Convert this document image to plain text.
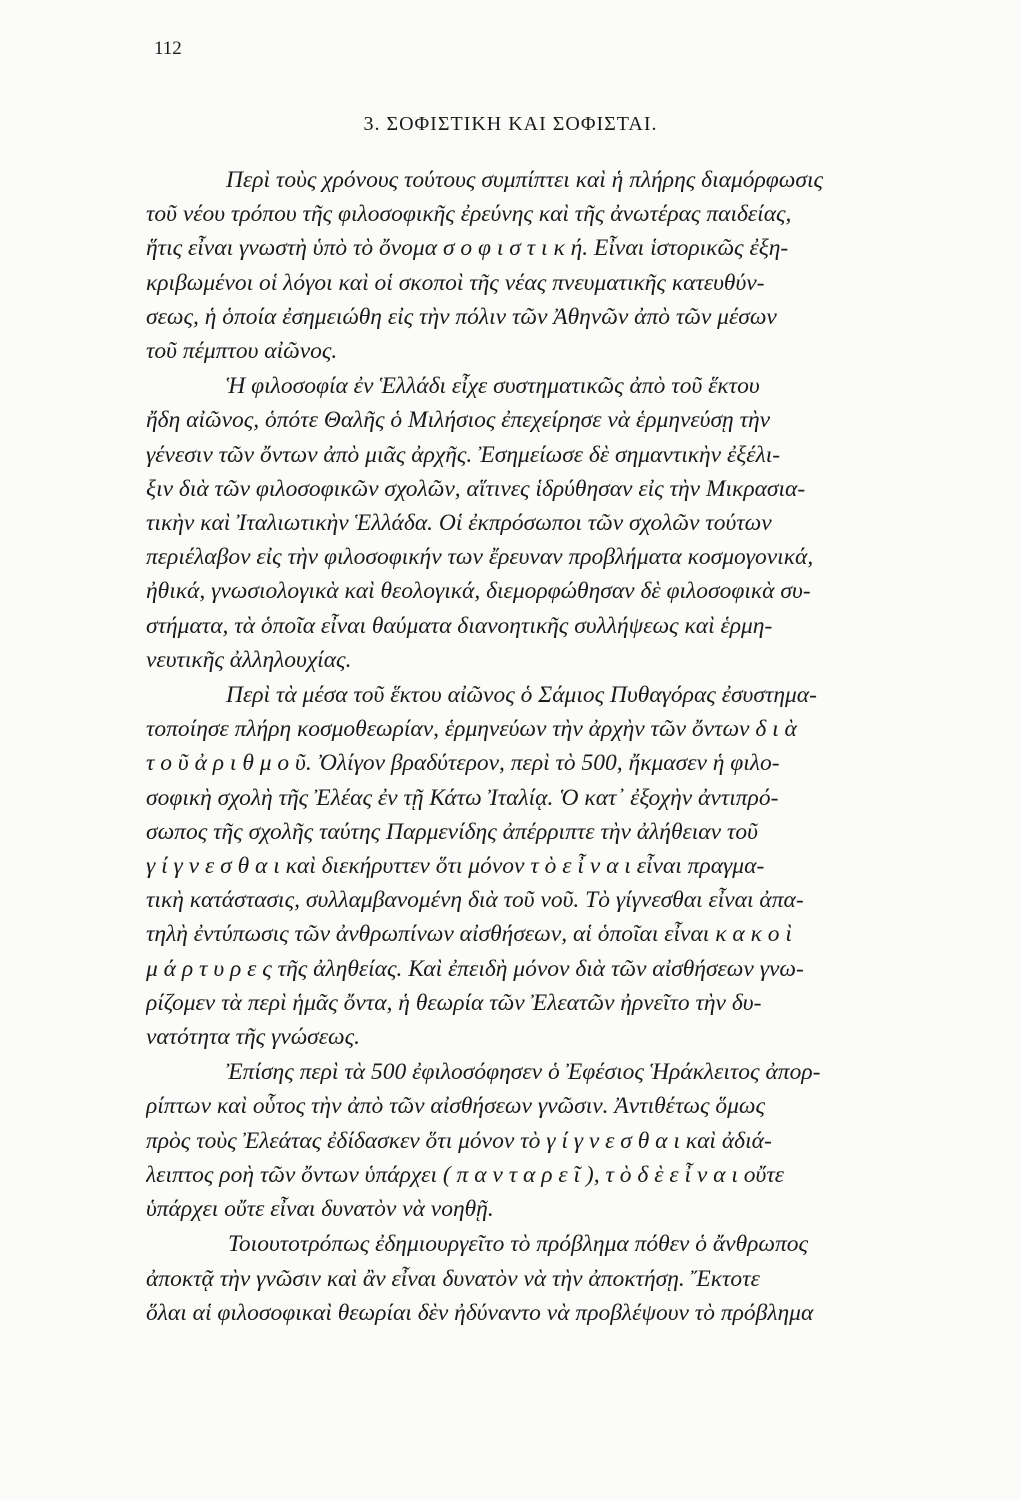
112
3. ΣΟΦΙΣΤΙΚΗ ΚΑΙ ΣΟΦΙΣΤΑΙ.

Περὶ τοὺς χρόνους τούτους συμπίπτει καὶ ἡ πλήρης διαμόρφωσις
τοῦ νέου τρόπου τῆς φιλοσοφικῆς ἐρεύνης καὶ τῆς ἀνωτέρας παιδείας,
ἥτις εἶναι γνωστὴ ὑπὸ τὸ ὄνομα σ ο φ ι σ τ ι κ ή. Εἶναι ἱστορικῶς ἐξη-
κριβωμένοι οἱ λόγοι καὶ οἱ σκοποὶ τῆς νέας πνευματικῆς κατευθύν-
σεως, ἡ ὁποία ἐσημειώθη εἰς τὴν πόλιν τῶν Ἀθηνῶν ἀπὸ τῶν μέσων
τοῦ πέμπτου αἰῶνος.

Ἡ φιλοσοφία ἐν Ἑλλάδι εἶχε συστηματικῶς ἀπὸ τοῦ ἕκτου
ἤδη αἰῶνος, ὁπότε Θαλῆς ὁ Μιλήσιος ἐπεχείρησε νὰ ἑρμηνεύσῃ τὴν
γένεσιν τῶν ὄντων ἀπὸ μιᾶς ἀρχῆς. Ἐσημείωσε δὲ σημαντικὴν ἐξέλι-
ξιν διὰ τῶν φιλοσοφικῶν σχολῶν, αἵτινες ἱδρύθησαν εἰς τὴν Μικρασια-
τικὴν καὶ Ἰταλιωτικὴν Ἑλλάδα. Οἱ ἐκπρόσωποι τῶν σχολῶν τούτων
περιέλαβον εἰς τὴν φιλοσοφικήν των ἔρευναν προβλήματα κοσμογονικά,
ἠθικά, γνωσιολογικὰ καὶ θεολογικά, διεμορφώθησαν δὲ φιλοσοφικὰ συ-
στήματα, τὰ ὁποῖα εἶναι θαύματα διανοητικῆς συλλήψεως καὶ ἑρμη-
νευτικῆς ἀλληλουχίας.

Περὶ τὰ μέσα τοῦ ἕκτου αἰῶνος ὁ Σάμιος Πυθαγόρας ἐσυστημα-
τοποίησε πλήρη κοσμοθεωρίαν, ἑρμηνεύων τὴν ἀρχὴν τῶν ὄντων δ ι ὰ
τ ο ῦ ἀ ρ ι θ μ ο ῦ. Ὀλίγον βραδύτερον, περὶ τὸ 500, ἤκμασεν ἡ φιλο-
σοφικὴ σχολὴ τῆς Ἐλέας ἐν τῇ Κάτω Ἰταλίᾳ. Ὁ κατ᾽ ἐξοχὴν ἀντιπρό-
σωπος τῆς σχολῆς ταύτης Παρμενίδης ἀπέρριπτε τὴν ἀλήθειαν τοῦ
γ ί γ ν ε σ θ α ι καὶ διεκήρυττεν ὅτι μόνον τ ὸ ε ἶ ν α ι εἶναι πραγμα-
τικὴ κατάστασις, συλλαμβανομένη διὰ τοῦ νοῦ. Τὸ γίγνεσθαι εἶναι ἀπα-
τηλὴ ἐντύπωσις τῶν ἀνθρωπίνων αἰσθήσεων, αἱ ὁποῖαι εἶναι κ α κ ο ὶ
μ ά ρ τ υ ρ ε ς τῆς ἀληθείας. Καὶ ἐπειδὴ μόνον διὰ τῶν αἰσθήσεων γνω-
ρίζομεν τὰ περὶ ἡμᾶς ὄντα, ἡ θεωρία τῶν Ἐλεατῶν ἠρνεῖτο τὴν δυ-
νατότητα τῆς γνώσεως.

Ἐπίσης περὶ τὰ 500 ἐφιλοσόφησεν ὁ Ἐφέσιος Ἡράκλειτος ἀπορ-
ρίπτων καὶ οὗτος τὴν ἀπὸ τῶν αἰσθήσεων γνῶσιν. Ἀντιθέτως ὅμως
πρὸς τοὺς Ἐλεάτας ἐδίδασκεν ὅτι μόνον τὸ γ ί γ ν ε σ θ α ι καὶ ἀδιά-
λειπτος ροὴ τῶν ὄντων ὑπάρχει ( π α ν τ α ρ ε ῖ ), τ ὸ δ ὲ ε ἶ ν α ι οὔτε
ὑπάρχει οὔτε εἶναι δυνατὸν νὰ νοηθῇ.

Τοιουτοτρόπως ἐδημιουργεῖτο τὸ πρόβλημα πόθεν ὁ ἄνθρωπος
ἀποκτᾷ τὴν γνῶσιν καὶ ἂν εἶναι δυνατὸν νὰ τὴν ἀποκτήσῃ. Ἔκτοτε
ὅλαι αἱ φιλοσοφικαὶ θεωρίαι δὲν ἠδύναντο νὰ προβλέψουν τὸ πρόβλημα
